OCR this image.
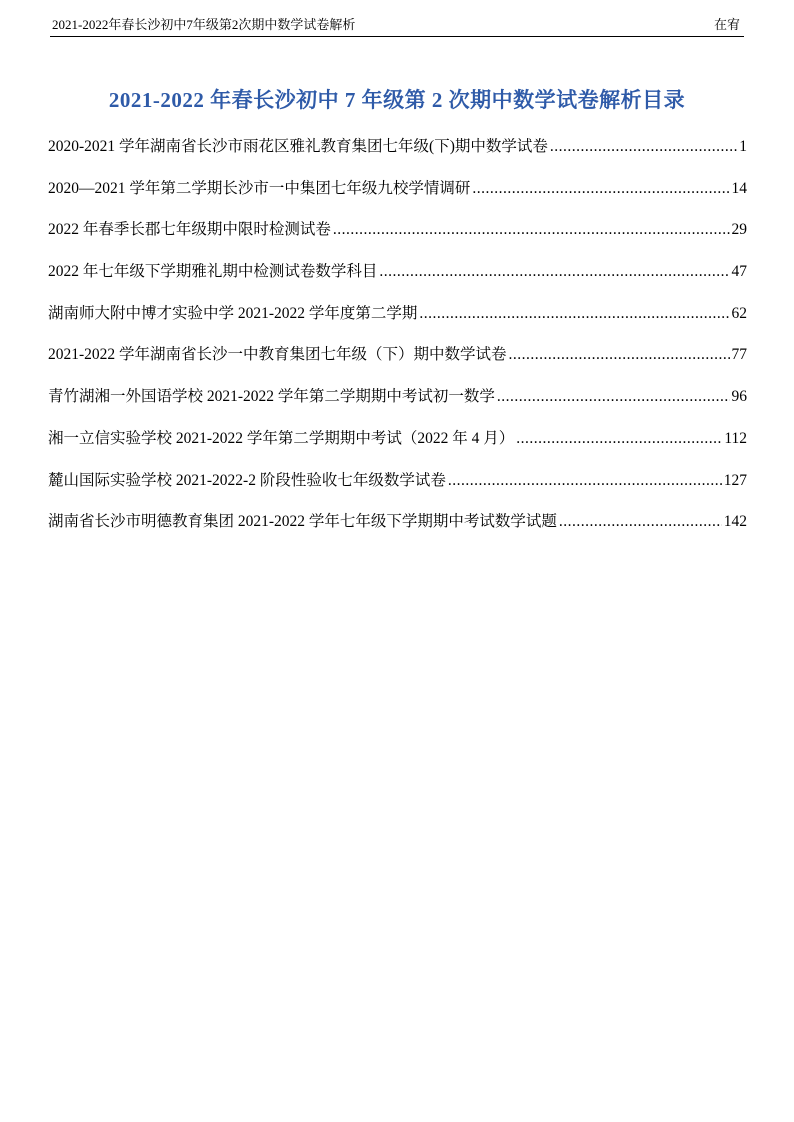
2021-2022年春长沙初中7年级第2次期中数学试卷解析	在宥
2021-2022 年春长沙初中 7 年级第 2 次期中数学试卷解析目录
2020-2021 学年湖南省长沙市雨花区雅礼教育集团七年级(下)期中数学试卷 .....	1
2020—2021 学年第二学期长沙市一中集团七年级九校学情调研 .....	14
2022 年春季长郡七年级期中限时检测试卷 .....	29
2022 年七年级下学期雅礼期中检测试卷数学科目 .....	47
湖南师大附中博才实验中学 2021-2022 学年度第二学期 .....	62
2021-2022 学年湖南省长沙一中教育集团七年级（下）期中数学试卷 .....	77
青竹湖湘一外国语学校 2021-2022 学年第二学期期中考试初一数学 .....	96
湘一立信实验学校 2021-2022 学年第二学期期中考试（2022 年 4 月） .....	112
麓山国际实验学校 2021-2022-2 阶段性验收七年级数学试卷 .....	127
湖南省长沙市明德教育集团 2021-2022 学年七年级下学期期中考试数学试题 .....	142
